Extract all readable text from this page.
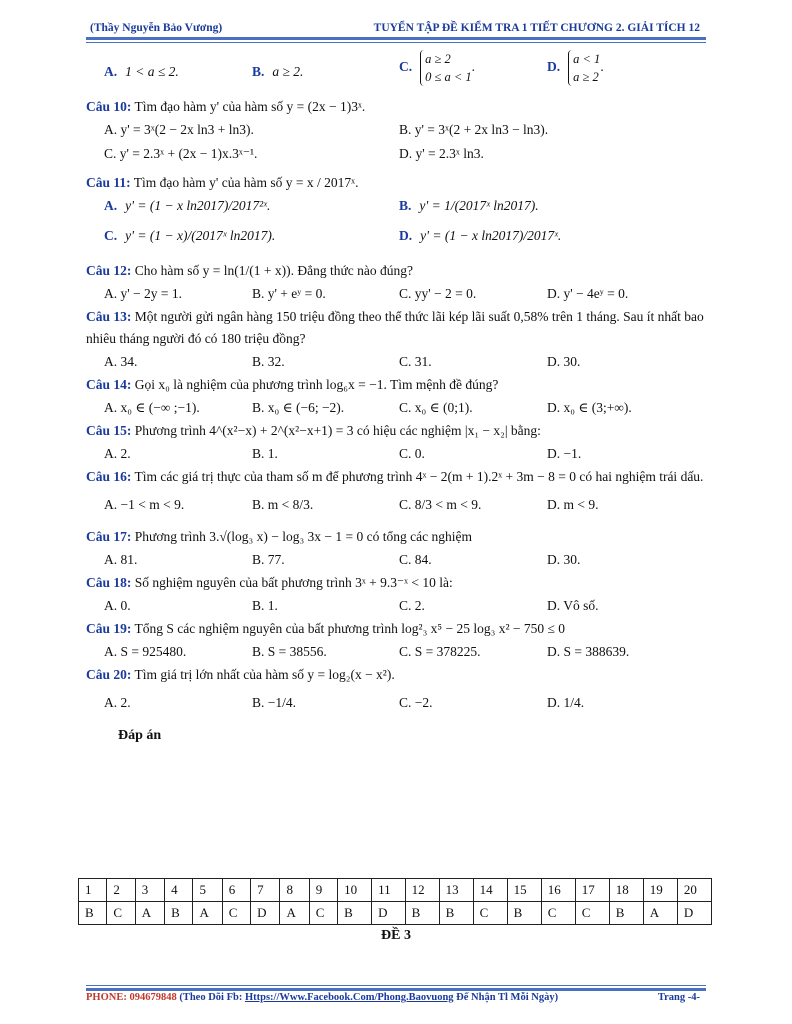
(Thầy Nguyễn Bảo Vương)	TUYỂN TẬP ĐỀ KIỂM TRA 1 TIẾT CHƯƠNG 2. GIẢI TÍCH 12
A. 1 < a ≤ 2.	B. a ≥ 2.	C.a ≥ 2
0 ≤ a < 1.	D.a < 1
a ≥ 2.

Câu 10: Tìm đạo hàm y' của hàm số y = (2x − 1)3ˣ.

A. y' = 3ˣ(2 − 2x ln3 + ln3).	B. y' = 3ˣ(2 + 2x ln3 − ln3).
C. y' = 2.3ˣ + (2x − 1)x.3ˣ⁻¹.	D. y' = 2.3ˣ ln3.

Câu 11: Tìm đạo hàm y' của hàm số y = x / 2017ˣ.

A. y' = (1 − x ln2017)/2017²ˣ.	B. y' = 1/(2017ˣ ln2017).
C. y' = (1 − x)/(2017ˣ ln2017).	D. y' = (1 − x ln2017)/2017ˣ.

Câu 12: Cho hàm số y = ln(1/(1 + x)). Đẳng thức nào đúng?

A. y' − 2y = 1.	B. y' + eʸ = 0.	C. yy' − 2 = 0.	D. y' − 4eʸ = 0.

Câu 13: Một người gửi ngân hàng 150 triệu đồng theo thể thức lãi kép lãi suất 0,58% trên 1 tháng. Sau ít nhất bao nhiêu tháng người đó có 180 triệu đồng?

A. 34.	B. 32.	C. 31.	D. 30.

Câu 14: Gọi x₀ là nghiệm của phương trình log₆x = −1. Tìm mệnh đề đúng?

A. x₀ ∈ (−∞ ;−1).	B. x₀ ∈ (−6; −2).	C. x₀ ∈ (0;1).	D. x₀ ∈ (3;+∞).

Câu 15: Phương trình 4^(x²−x) + 2^(x²−x+1) = 3 có hiệu các nghiệm |x₁ − x₂| bằng:

A. 2.	B. 1.	C. 0.	D. −1.

Câu 16: Tìm các giá trị thực của tham số m để phương trình 4ˣ − 2(m + 1).2ˣ + 3m − 8 = 0 có hai nghiệm trái dấu.

A. −1 < m < 9.	B. m < 8/3.	C. 8/3 < m < 9.	D. m < 9.

Câu 17: Phương trình 3.√(log₃ x) − log₃ 3x − 1 = 0 có tổng các nghiệm

A. 81.	B. 77.	C. 84.	D. 30.

Câu 18: Số nghiệm nguyên của bất phương trình 3ˣ + 9.3⁻ˣ < 10 là:

A. 0.	B. 1.	C. 2.	D. Vô số.

Câu 19: Tổng S các nghiệm nguyên của bất phương trình log²₃ x⁵ − 25 log₃ x² − 750 ≤ 0

A. S = 925480.	B. S = 38556.	C. S = 378225.	D. S = 388639.

Câu 20: Tìm giá trị lớn nhất của hàm số y = log₂(x − x²).

A. 2.	B. −1/4.	C. −2.	D. 1/4.
Đáp án
1	2	3	4	5	6	7	8	9	10	11	12	13	14	15	16	17	18	19	20
B	C	A	B	A	C	D	A	C	B	D	B	B	C	B	C	C	B	A	D
ĐỀ 3
PHONE: 094679848 (Theo Dõi Fb: Https://Www.Facebook.Com/Phong.Baovuong Để Nhận Tl Mỗi Ngày)	Trang -4-
